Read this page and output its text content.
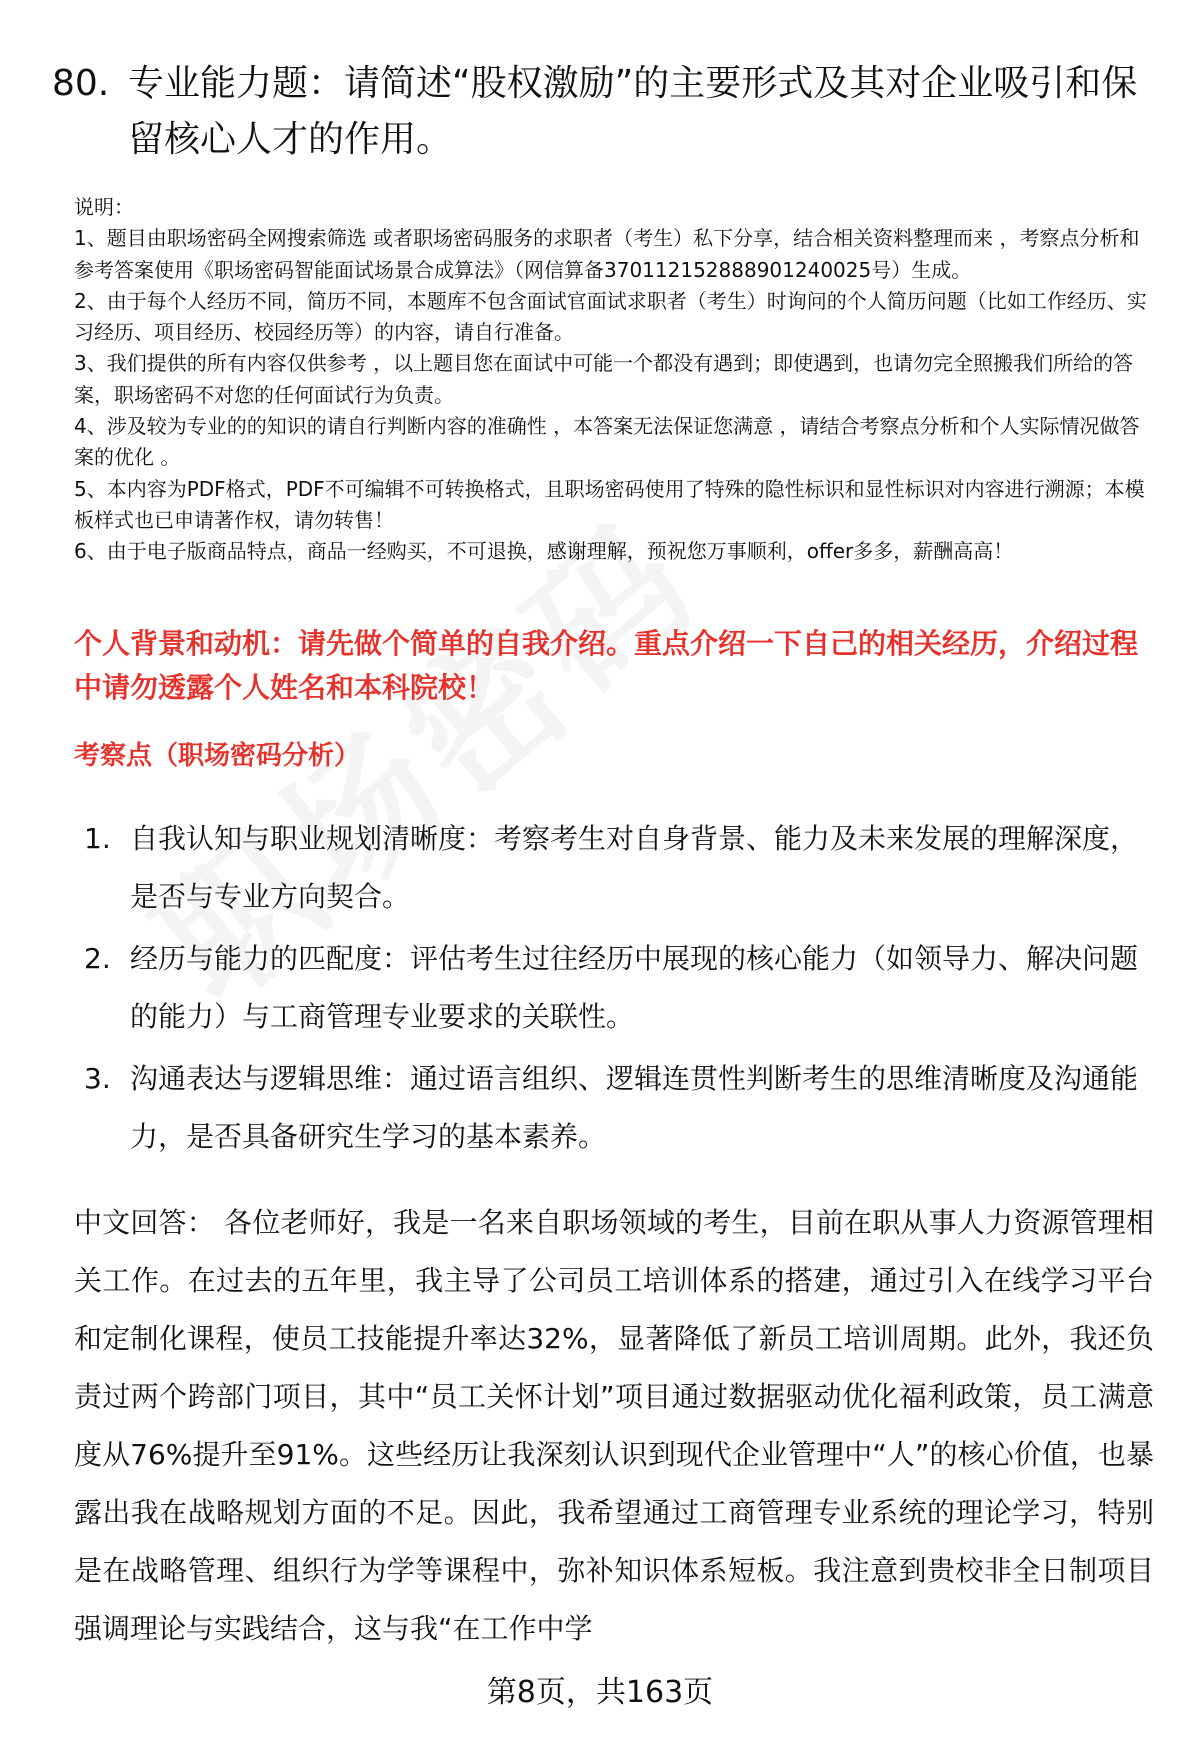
80. 专业能力题：请简述“股权激励”的主要形式及其对企业吸引和保留核心人才的作用。

说明：

1、题目由职场密码全网搜索筛选 或者职场密码服务的求职者（考生）私下分享，结合相关资料整理而来 ，考察点分析和参考答案使用《职场密码智能面试场景合成算法》（网信算备370112152888901240025号）生成。

2、由于每个人经历不同，简历不同，本题库不包含面试官面试求职者（考生）时询问的个人简历问题（比如工作经历、实习经历、项目经历、校园经历等）的内容，请自行准备。

3、我们提供的所有内容仅供参考 ，以上题目您在面试中可能一个都没有遇到；即使遇到，也请勿完全照搬我们所给的答案，职场密码不对您的任何面试行为负责。

4、涉及较为专业的的知识的请自行判断内容的准确性 ，本答案无法保证您满意 ，请结合考察点分析和个人实际情况做答案的优化 。

5、本内容为PDF格式，PDF不可编辑不可转换格式，且职场密码使用了特殊的隐性标识和显性标识对内容进行溯源；本模板样式也已申请著作权，请勿转售！

6、由于电子版商品特点，商品一经购买，不可退换，感谢理解，预祝您万事顺利，offer多多，薪酬高高！

个人背景和动机：请先做个简单的自我介绍。重点介绍一下自己的相关经历，介绍过程中请勿透露个人姓名和本科院校！

考察点（职场密码分析）

1. 自我认知与职业规划清晰度：考察考生对自身背景、能力及未来发展的理解深度，是否与专业方向契合。
2. 经历与能力的匹配度：评估考生过往经历中展现的核心能力（如领导力、解决问题的能力）与工商管理专业要求的关联性。
3. 沟通表达与逻辑思维：通过语言组织、逻辑连贯性判断考生的思维清晰度及沟通能力，是否具备研究生学习的基本素养。

中文回答： 各位老师好，我是一名来自职场领域的考生，目前在职从事人力资源管理相关工作。在过去的五年里，我主导了公司员工培训体系的搭建，通过引入在线学习平台和定制化课程，使员工技能提升率达32%，显著降低了新员工培训周期。此外，我还负责过两个跨部门项目，其中“员工关怀计划”项目通过数据驱动优化福利政策，员工满意度从76%提升至91%。这些经历让我深刻认识到现代企业管理中“人”的核心价值，也暴露出我在战略规划方面的不足。因此，我希望通过工商管理专业系统的理论学习，特别是在战略管理、组织行为学等课程中，弥补知识体系短板。我注意到贵校非全日制项目强调理论与实践结合，这与我“在工作中学

第8页，共163页
